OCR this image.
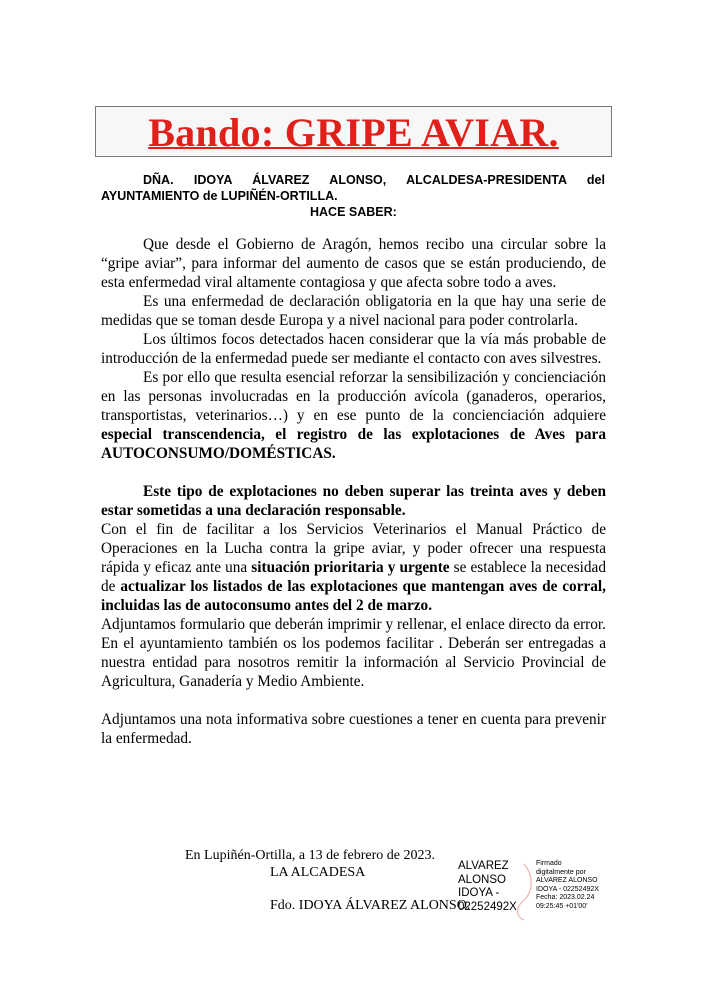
Bando: GRIPE AVIAR.

DÑA. IDOYA ÁLVAREZ ALONSO, ALCALDESA-PRESIDENTA del AYUNTAMIENTO de LUPIÑÉN-ORTILLA.

HACE SABER:

Que desde el Gobierno de Aragón, hemos recibo una circular sobre la “gripe aviar”, para informar del aumento de casos que se están produciendo, de esta enfermedad viral altamente contagiosa y que afecta sobre todo a aves.

Es una enfermedad de declaración obligatoria en la que hay una serie de medidas que se toman desde Europa y a nivel nacional para poder controlarla.

Los últimos focos detectados hacen considerar que la vía más probable de introducción de la enfermedad puede ser mediante el contacto con aves silvestres.

Es por ello que resulta esencial reforzar la sensibilización y concienciación en las personas involucradas en la producción avícola (ganaderos, operarios, transportistas, veterinarios…) y en ese punto de la concienciación adquiere especial transcendencia, el registro de las explotaciones de Aves para AUTOCONSUMO/DOMÉSTICAS.

Este tipo de explotaciones no deben superar las treinta aves y deben estar sometidas a una declaración responsable.

Con el fin de facilitar a los Servicios Veterinarios el Manual Práctico de Operaciones en la Lucha contra la gripe aviar, y poder ofrecer una respuesta rápida y eficaz ante una situación prioritaria y urgente se establece la necesidad de actualizar los listados de las explotaciones que mantengan aves de corral, incluidas las de autoconsumo antes del 2 de marzo.

Adjuntamos formulario que deberán imprimir y rellenar, el enlace directo da error. En el ayuntamiento también os los podemos facilitar . Deberán ser entregadas a nuestra entidad para nosotros remitir la información al Servicio Provincial de Agricultura, Ganadería y Medio Ambiente.

Adjuntamos una nota informativa sobre cuestiones a tener en cuenta para prevenir la enfermedad.

En Lupiñén-Ortilla, a 13 de febrero de 2023.
LA ALCADESA
Fdo. IDOYA ÁLVAREZ ALONSO.
ALVAREZ
ALONSO
IDOYA -
02252492X
Firmado
digitalmente por
ALVAREZ ALONSO
IDOYA - 02252492X
Fecha: 2023.02.24
09:25:45 +01'00'
